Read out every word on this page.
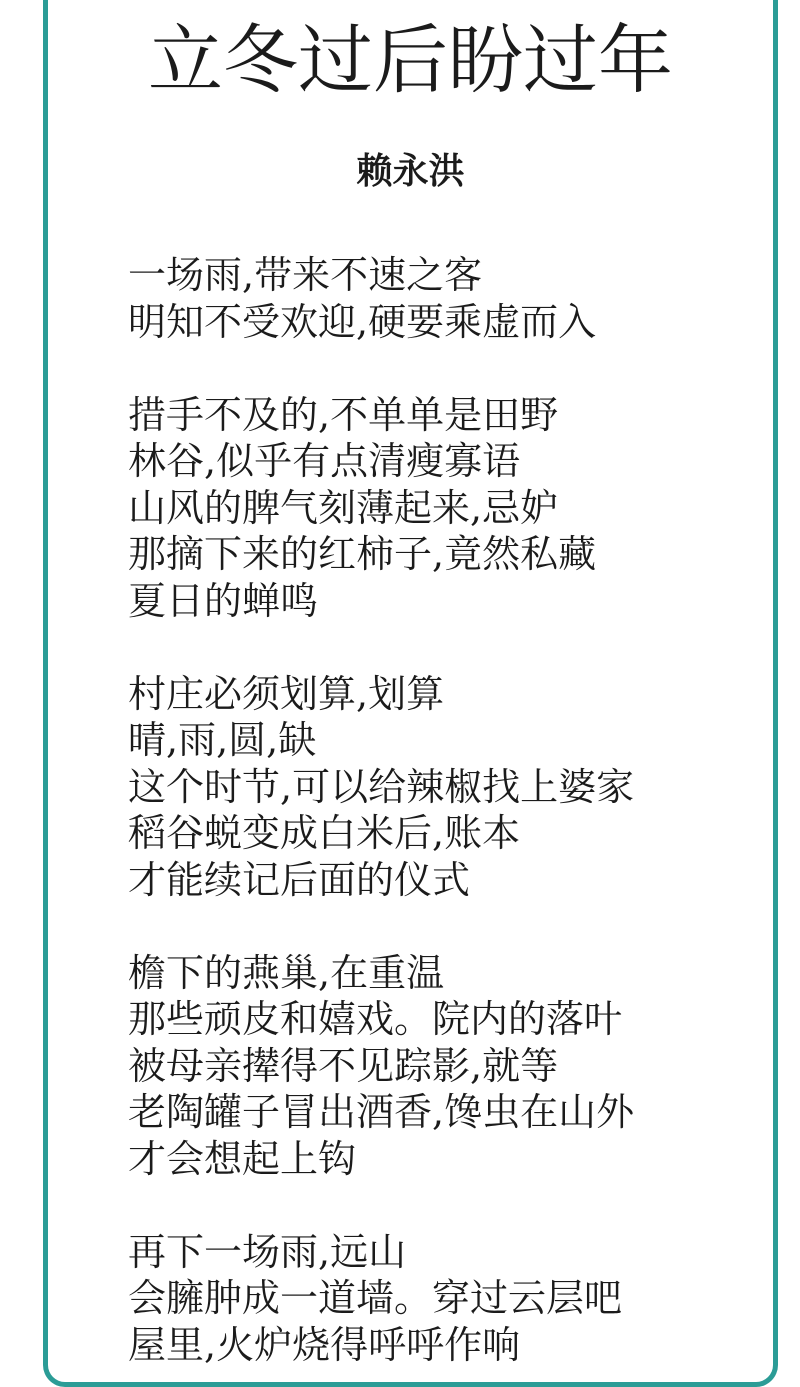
立冬过后盼过年
赖永洪
一场雨,带来不速之客
明知不受欢迎,硬要乘虚而入
措手不及的,不单单是田野
林谷,似乎有点清瘦寡语
山风的脾气刻薄起来,忌妒
那摘下来的红柿子,竟然私藏
夏日的蝉鸣
村庄必须划算,划算
晴,雨,圆,缺
这个时节,可以给辣椒找上婆家
稻谷蜕变成白米后,账本
才能续记后面的仪式
檐下的燕巢,在重温
那些顽皮和嬉戏。院内的落叶
被母亲撵得不见踪影,就等
老陶罐子冒出酒香,馋虫在山外
才会想起上钩
再下一场雨,远山
会臃肿成一道墙。穿过云层吧
屋里,火炉烧得呼呼作响
